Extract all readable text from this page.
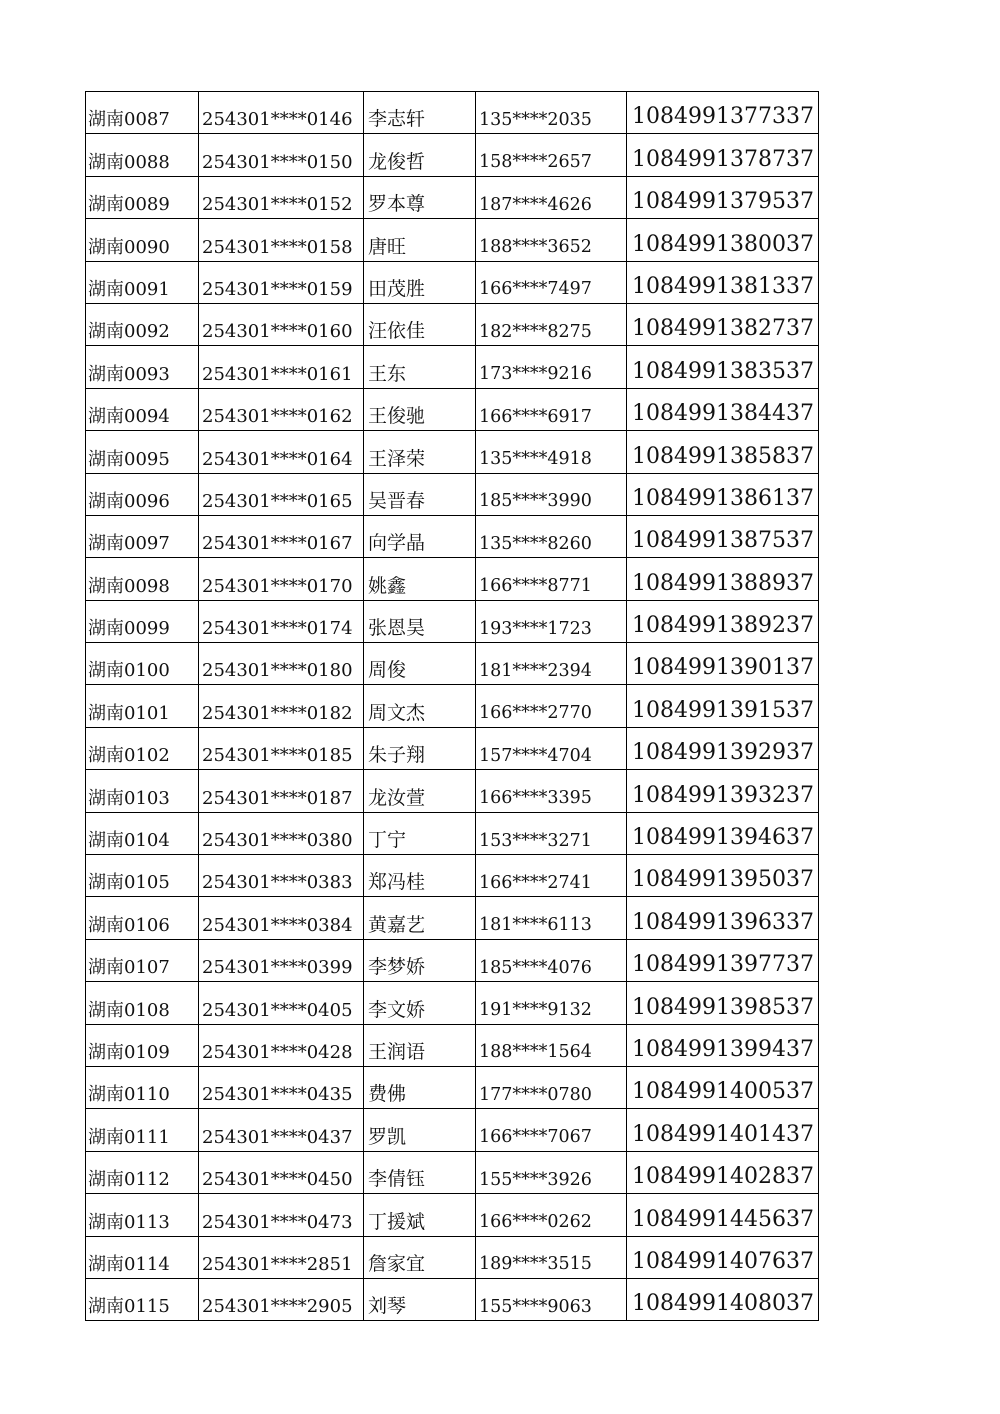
湖南0087	254301****0146	李志轩	135****2035	1084991377337
湖南0088	254301****0150	龙俊哲	158****2657	1084991378737
湖南0089	254301****0152	罗本尊	187****4626	1084991379537
湖南0090	254301****0158	唐旺	188****3652	1084991380037
湖南0091	254301****0159	田茂胜	166****7497	1084991381337
湖南0092	254301****0160	汪依佳	182****8275	1084991382737
湖南0093	254301****0161	王东	173****9216	1084991383537
湖南0094	254301****0162	王俊驰	166****6917	1084991384437
湖南0095	254301****0164	王泽荣	135****4918	1084991385837
湖南0096	254301****0165	吴晋春	185****3990	1084991386137
湖南0097	254301****0167	向学晶	135****8260	1084991387537
湖南0098	254301****0170	姚鑫	166****8771	1084991388937
湖南0099	254301****0174	张恩昊	193****1723	1084991389237
湖南0100	254301****0180	周俊	181****2394	1084991390137
湖南0101	254301****0182	周文杰	166****2770	1084991391537
湖南0102	254301****0185	朱子翔	157****4704	1084991392937
湖南0103	254301****0187	龙汝萱	166****3395	1084991393237
湖南0104	254301****0380	丁宁	153****3271	1084991394637
湖南0105	254301****0383	郑冯桂	166****2741	1084991395037
湖南0106	254301****0384	黄嘉艺	181****6113	1084991396337
湖南0107	254301****0399	李梦娇	185****4076	1084991397737
湖南0108	254301****0405	李文娇	191****9132	1084991398537
湖南0109	254301****0428	王润语	188****1564	1084991399437
湖南0110	254301****0435	费佛	177****0780	1084991400537
湖南0111	254301****0437	罗凯	166****7067	1084991401437
湖南0112	254301****0450	李倩钰	155****3926	1084991402837
湖南0113	254301****0473	丁援斌	166****0262	1084991445637
湖南0114	254301****2851	詹家宜	189****3515	1084991407637
湖南0115	254301****2905	刘琴	155****9063	1084991408037
